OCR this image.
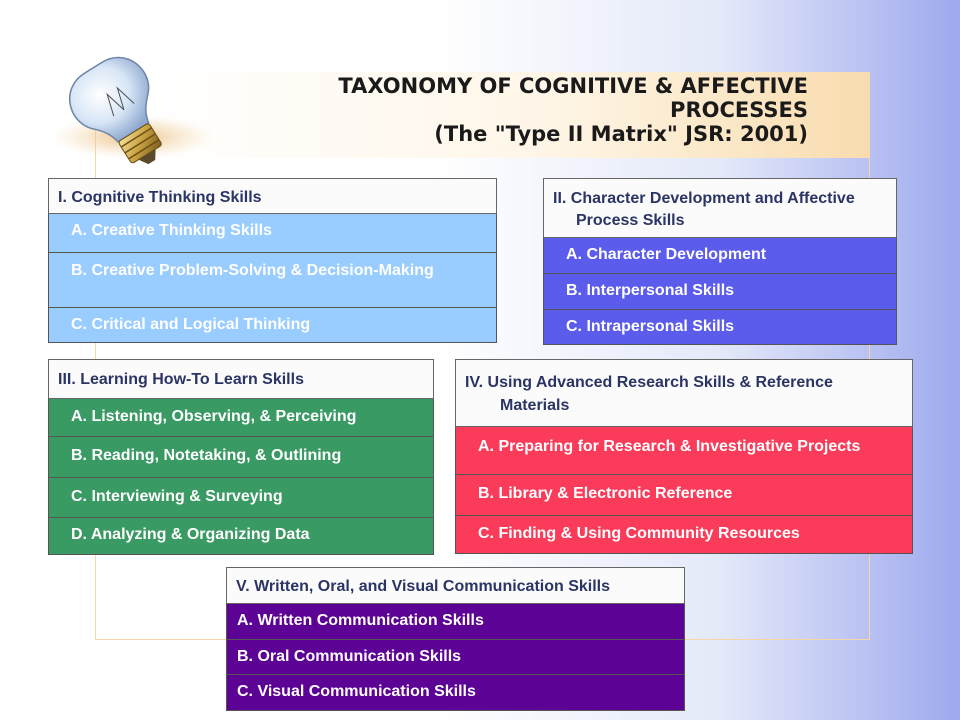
TAXONOMY OF COGNITIVE & AFFECTIVE
PROCESSES
(The "Type II Matrix" JSR: 2001)
I. Cognitive Thinking Skills
A. Creative Thinking Skills
B. Creative Problem-Solving & Decision-Making
C. Critical and Logical Thinking
II. Character Development and Affective Process Skills
A. Character Development
B. Interpersonal Skills
C. Intrapersonal Skills
III. Learning How-To Learn Skills
A. Listening, Observing, & Perceiving
B. Reading, Notetaking, & Outlining
C. Interviewing & Surveying
D. Analyzing & Organizing Data
IV. Using Advanced Research Skills & Reference Materials
A. Preparing for Research & Investigative Projects
B. Library & Electronic Reference
C. Finding & Using Community Resources
V. Written, Oral, and Visual Communication Skills
A. Written Communication Skills
B. Oral Communication Skills
C. Visual Communication Skills
